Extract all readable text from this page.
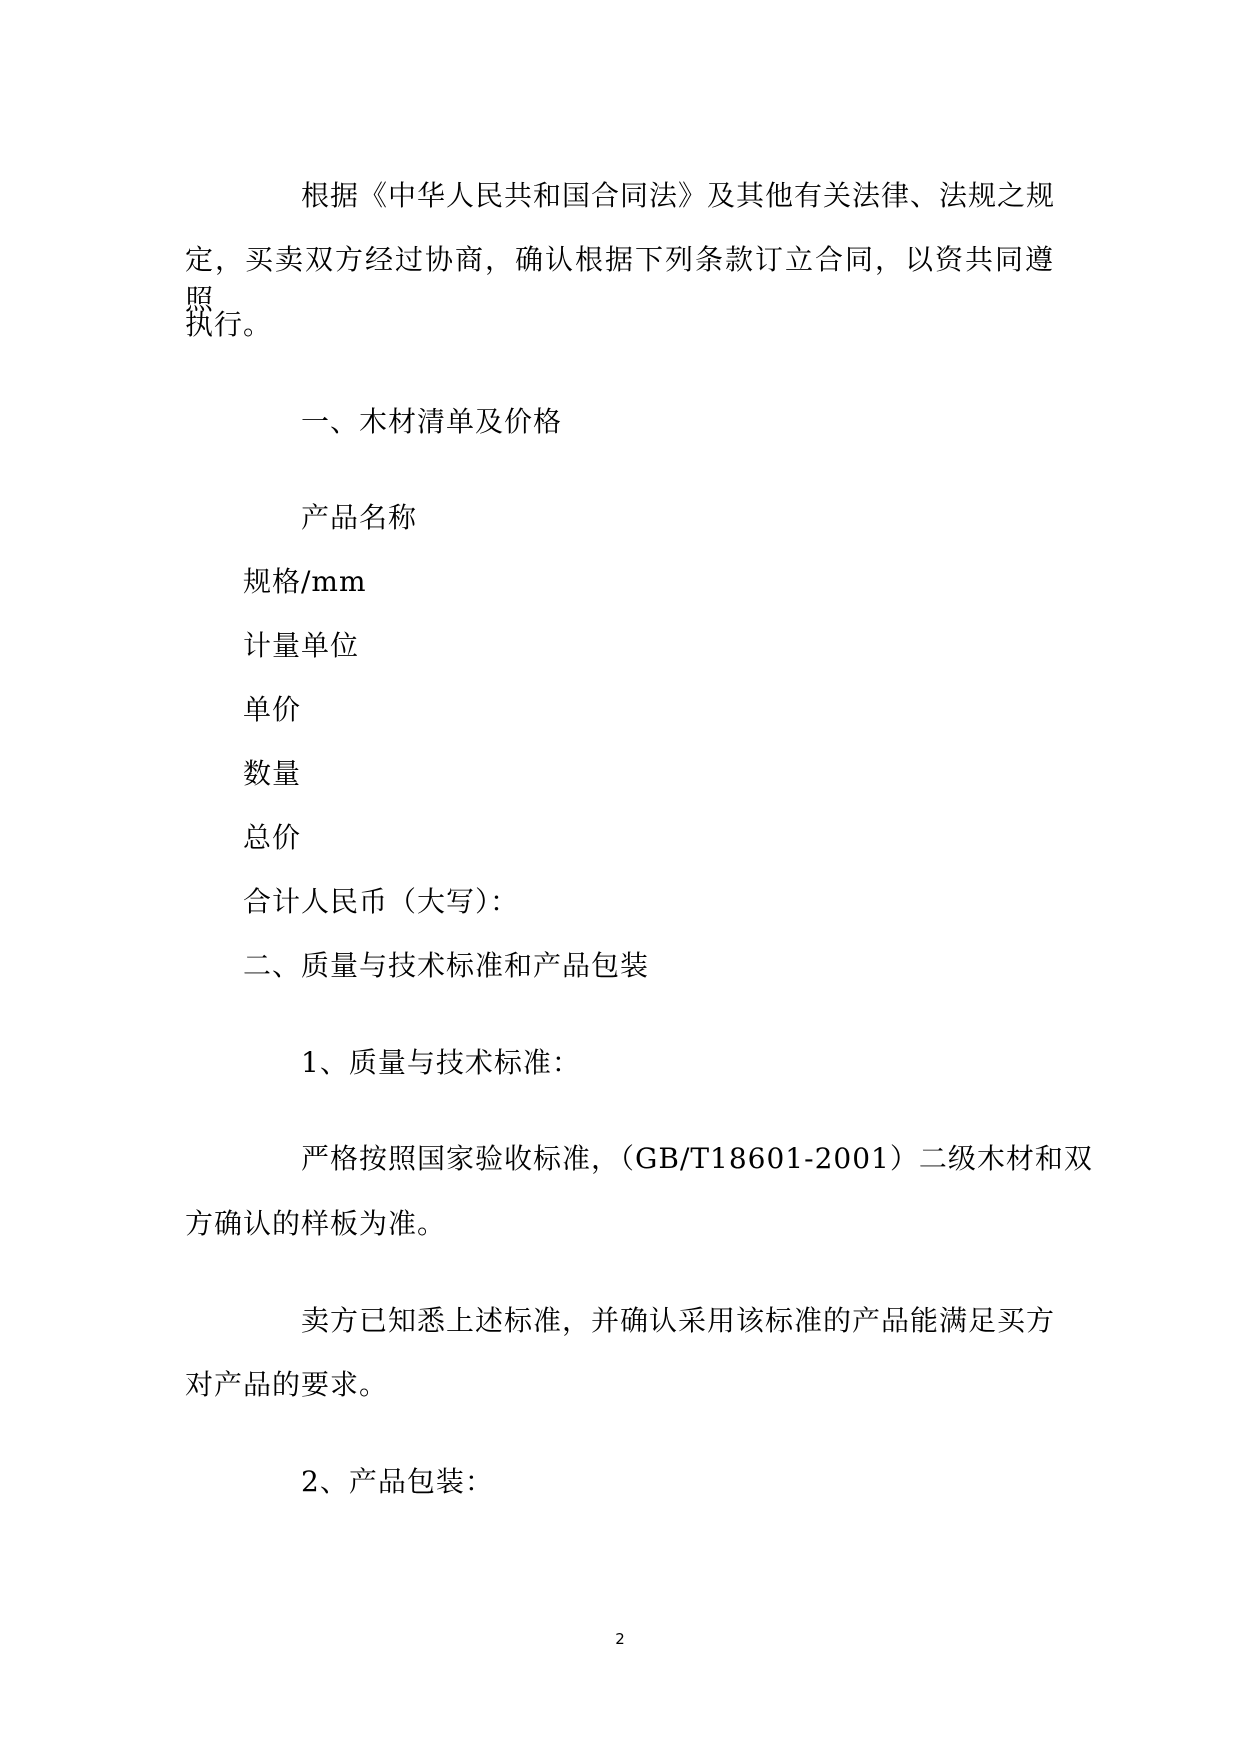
根据《中华人民共和国合同法》及其他有关法律、法规之规
定，买卖双方经过协商，确认根据下列条款订立合同，以资共同遵照
执行。
一、木材清单及价格
产品名称
规格/mm
计量单位
单价
数量
总价
合计人民币（大写）：
二、质量与技术标准和产品包装
1、质量与技术标准：
严格按照国家验收标准，（GB/T18601-2001）二级木材和双
方确认的样板为准。
卖方已知悉上述标准，并确认采用该标准的产品能满足买方
对产品的要求。
2、产品包装：
2
